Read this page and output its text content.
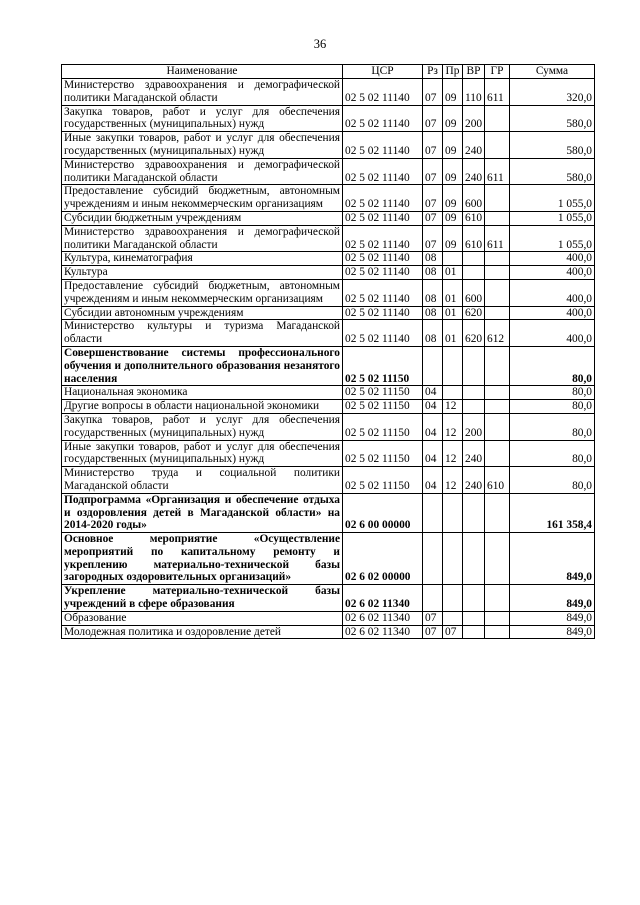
36
Наименование	ЦСР	Рз	Пр	ВР	ГР	Сумма
Министерство здравоохранения и демографической политики Магаданской области	02 5 02 11140	07	09	110	611	320,0
Закупка товаров, работ и услуг для обеспечения государственных (муниципальных) нужд	02 5 02 11140	07	09	200		580,0
Иные закупки товаров, работ и услуг для обеспечения государственных (муниципальных) нужд	02 5 02 11140	07	09	240		580,0
Министерство здравоохранения и демографической политики Магаданской области	02 5 02 11140	07	09	240	611	580,0
Предоставление субсидий бюджетным, автономным учреждениям и иным некоммерческим организациям	02 5 02 11140	07	09	600		1 055,0
Субсидии бюджетным учреждениям	02 5 02 11140	07	09	610		1 055,0
Министерство здравоохранения и демографической политики Магаданской области	02 5 02 11140	07	09	610	611	1 055,0
Культура, кинематография	02 5 02 11140	08				400,0
Культура	02 5 02 11140	08	01			400,0
Предоставление субсидий бюджетным, автономным учреждениям и иным некоммерческим организациям	02 5 02 11140	08	01	600		400,0
Субсидии автономным учреждениям	02 5 02 11140	08	01	620		400,0
Министерство культуры и туризма Магаданской области	02 5 02 11140	08	01	620	612	400,0
Совершенствование системы профессионального обучения и дополнительного образования незанятого населения	02 5 02 11150					80,0
Национальная экономика	02 5 02 11150	04				80,0
Другие вопросы в области национальной экономики	02 5 02 11150	04	12			80,0
Закупка товаров, работ и услуг для обеспечения государственных (муниципальных) нужд	02 5 02 11150	04	12	200		80,0
Иные закупки товаров, работ и услуг для обеспечения государственных (муниципальных) нужд	02 5 02 11150	04	12	240		80,0
Министерство труда и социальной политики Магаданской области	02 5 02 11150	04	12	240	610	80,0
Подпрограмма «Организация и обеспечение отдыха и оздоровления детей в Магаданской области» на 2014-2020 годы»	02 6 00 00000					161 358,4
Основное мероприятие «Осуществление мероприятий по капитальному ремонту и укреплению материально-технической базы загородных оздоровительных организаций»	02 6 02 00000					849,0
Укрепление материально-технической базы учреждений в сфере образования	02 6 02 11340					849,0
Образование	02 6 02 11340	07				849,0
Молодежная политика и оздоровление детей	02 6 02 11340	07	07			849,0
